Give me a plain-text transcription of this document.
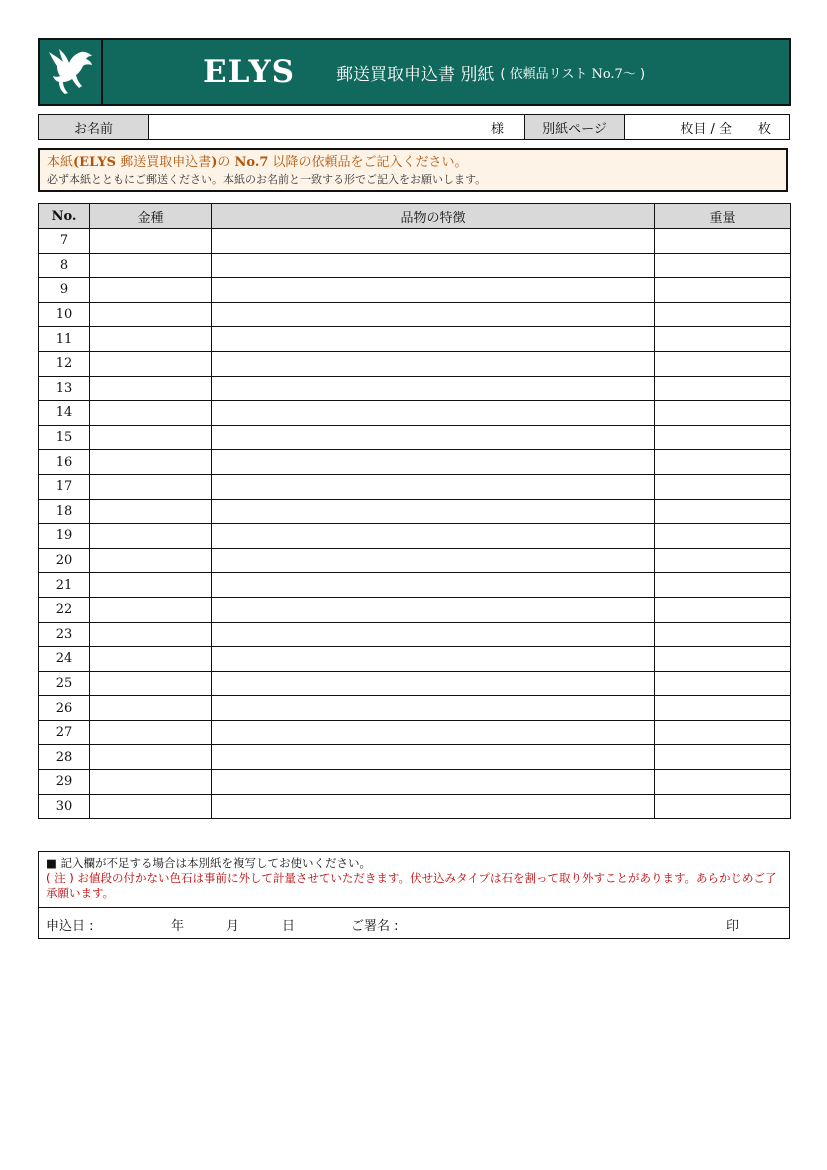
ELYS 郵送買取申込書 別紙 ( 依頼品リスト No.7〜 )
お名前	様	別紙ページ	枚目 / 全 枚
本紙(ELYS 郵送買取申込書)の No.7 以降の依頼品をご記入ください。
必ず本紙とともにご郵送ください。本紙のお名前と一致する形でご記入をお願いします。
No.	金種	品物の特徴	重量
7			
8			
9			
10			
11			
12			
13			
14			
15			
16			
17			
18			
19			
20			
21			
22			
23			
24			
25			
26			
27			
28			
29			
30			
■ 記入欄が不足する場合は本別紙を複写してお使いください。
( 注 ) お値段の付かない色石は事前に外して計量させていただきます。伏せ込みタイプは石を割って取り外すことがあります。あらかじめご了承願います。
申込日 :	年	月	日	ご署名 :	印
